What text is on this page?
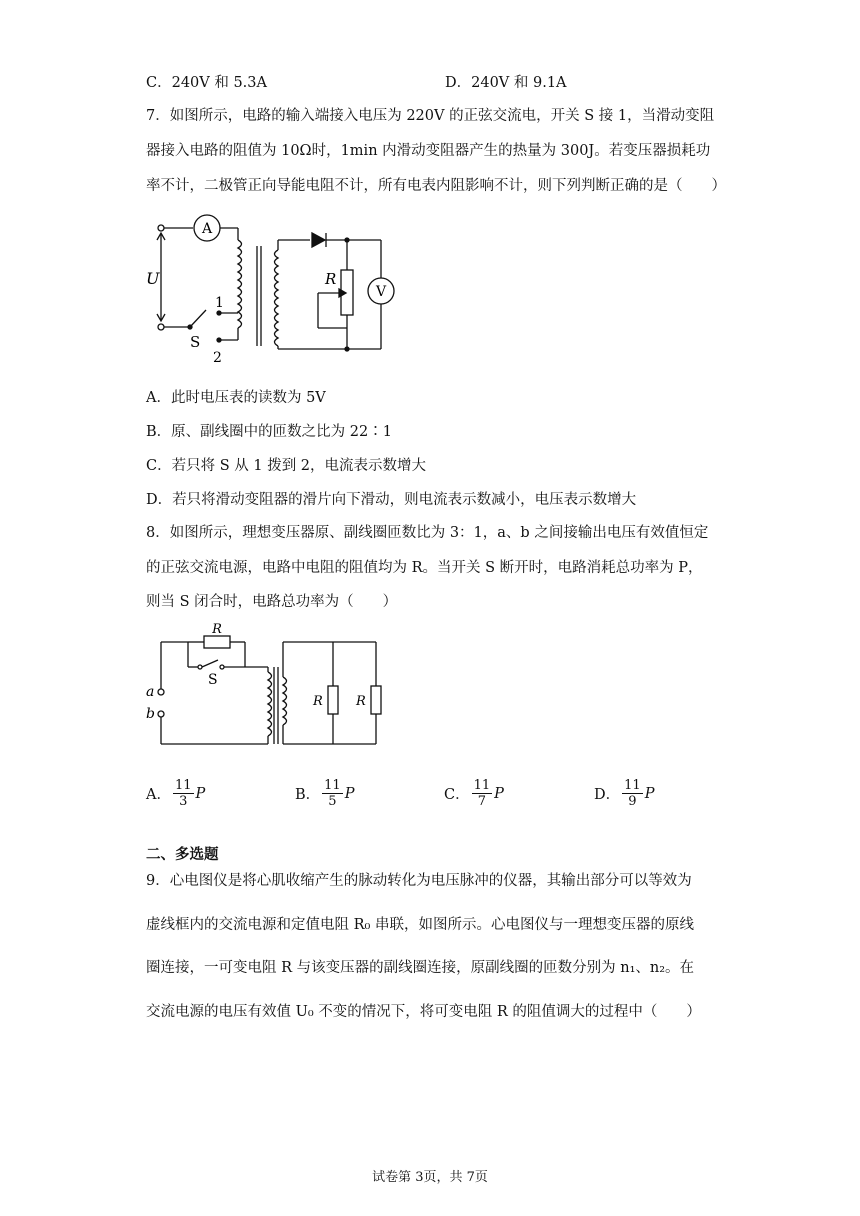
C．240V 和 5.3A	D．240V 和 9.1A
7．如图所示，电路的输入端接入电压为 220V 的正弦交流电，开关 S 接 1，当滑动变阻
器接入电路的阻值为 10Ω时，1min 内滑动变阻器产生的热量为 300J。若变压器损耗功
率不计，二极管正向导能电阻不计，所有电表内阻影响不计，则下列判断正确的是（　　）
A
V
U	R
S
1
2
A．此时电压表的读数为 5V
B．原、副线圈中的匝数之比为 22∶1
C．若只将 S 从 1 拨到 2，电流表示数增大
D．若只将滑动变阻器的滑片向下滑动，则电流表示数减小，电压表示数增大
8．如图所示，理想变压器原、副线圈匝数比为 3：1，a、b 之间接输出电压有效值恒定
的正弦交流电源，电路中电阻的阻值均为 R。当开关 S 断开时，电路消耗总功率为 P，
则当 S 闭合时，电路总功率为（　　）
R
S
a
b
R	R
A． $\frac{11}{3}$ P	B． $\frac{11}{5}$ P	C． $\frac{11}{7}$ P	D． $\frac{11}{9}$ P
二、多选题
9．心电图仪是将心肌收缩产生的脉动转化为电压脉冲的仪器，其输出部分可以等效为
虚线框内的交流电源和定值电阻 R₀ 串联，如图所示。心电图仪与一理想变压器的原线
圈连接，一可变电阻 R 与该变压器的副线圈连接，原副线圈的匝数分别为 n₁、n₂。在
交流电源的电压有效值 U₀ 不变的情况下，将可变电阻 R 的阻值调大的过程中（　　）
试卷第 3页，共 7页
